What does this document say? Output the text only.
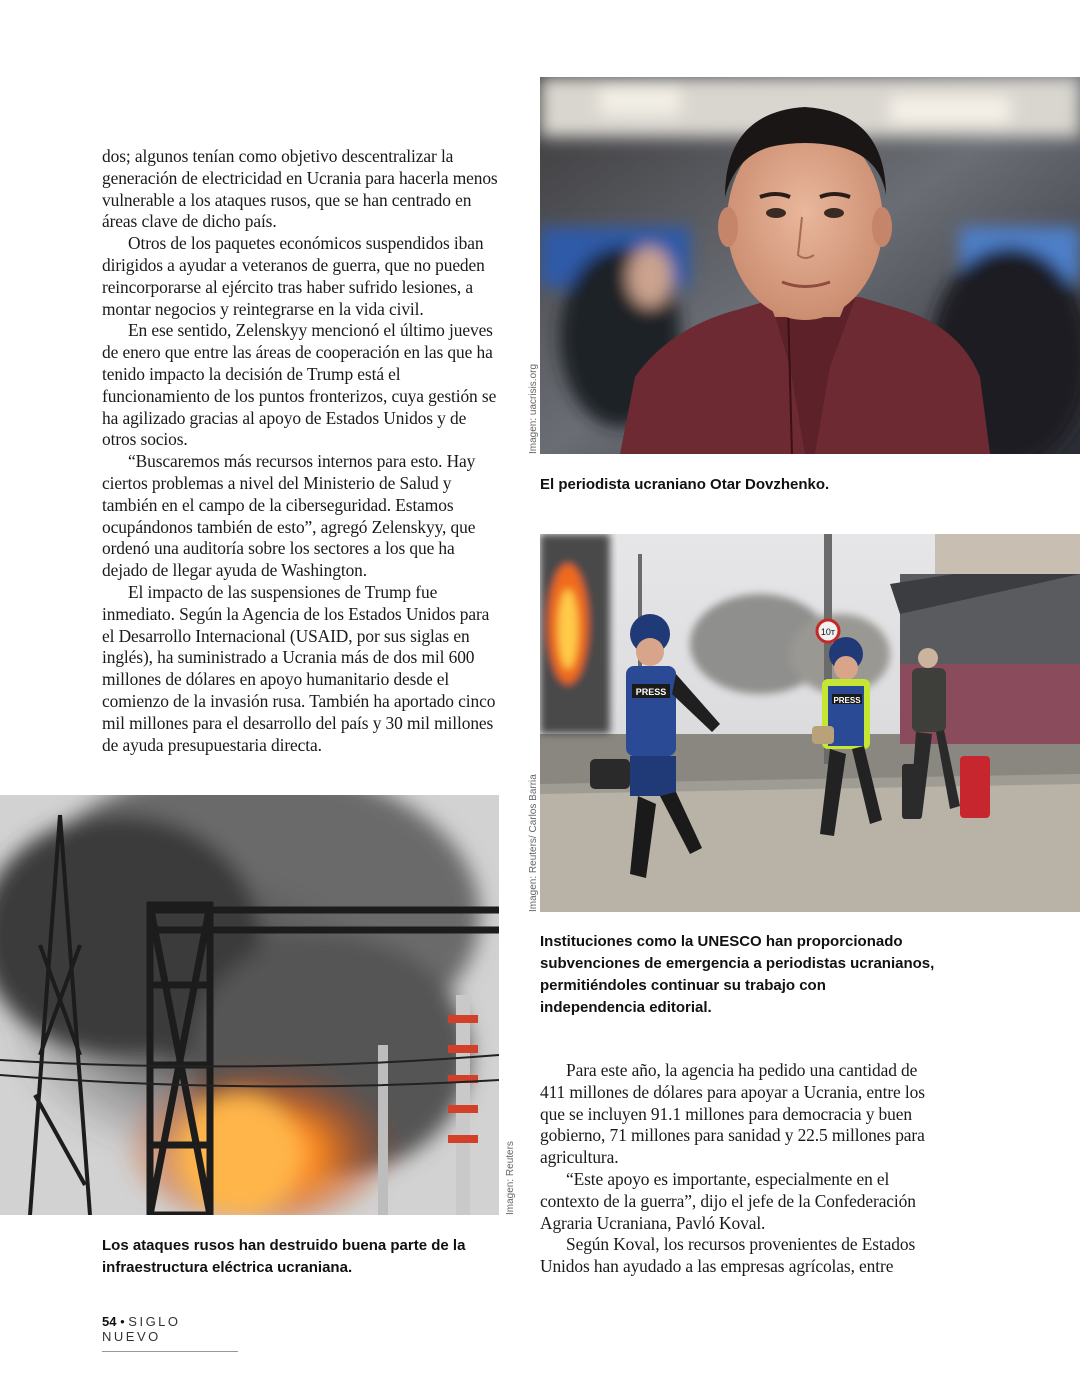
dos; algunos tenían como objetivo descentralizar la generación de electricidad en Ucrania para hacerla menos vulnerable a los ataques rusos, que se han centrado en áreas clave de dicho país.

Otros de los paquetes económicos suspendidos iban dirigidos a ayudar a veteranos de guerra, que no pueden reincorporarse al ejército tras haber sufrido lesiones, a montar negocios y reintegrarse en la vida civil.

En ese sentido, Zelenskyy mencionó el último jueves de enero que entre las áreas de cooperación en las que ha tenido impacto la decisión de Trump está el funcionamiento de los puntos fronterizos, cuya gestión se ha agilizado gracias al apoyo de Estados Unidos y de otros socios.

“Buscaremos más recursos internos para esto. Hay ciertos problemas a nivel del Ministerio de Salud y también en el campo de la ciberseguridad. Estamos ocupándonos también de esto”, agregó Zelenskyy, que ordenó una auditoría sobre los sectores a los que ha dejado de llegar ayuda de Washington.

El impacto de las suspensiones de Trump fue inmediato. Según la Agencia de los Estados Unidos para el Desarrollo Internacional (USAID, por sus siglas en inglés), ha suministrado a Ucrania más de dos mil 600 millones de dólares en apoyo humanitario desde el comienzo de la invasión rusa. También ha aportado cinco mil millones para el desarrollo del país y 30 mil millones de ayuda presupuestaria directa.

Imagen: uacrisis.org
El periodista ucraniano Otar Dovzhenko.
10т
PRESS
PRESS
Imagen: Reuters/ Carlos Barria
Instituciones como la UNESCO han proporcionado subvenciones de emergencia a periodistas ucranianos, permitiéndoles continuar su trabajo con independencia editorial.
Imagen: Reuters
Los ataques rusos han destruido buena parte de la infraestructura eléctrica ucraniana.

Para este año, la agencia ha pedido una cantidad de 411 millones de dólares para apoyar a Ucrania, entre los que se incluyen 91.1 millones para democracia y buen gobierno, 71 millones para sanidad y 22.5 millones para agricultura.

“Este apoyo es importante, especialmente en el contexto de la guerra”, dijo el jefe de la Confederación Agraria Ucraniana, Pavló Koval.

Según Koval, los recursos provenientes de Estados Unidos han ayudado a las empresas agrícolas, entre

54 • SIGLO NUEVO
